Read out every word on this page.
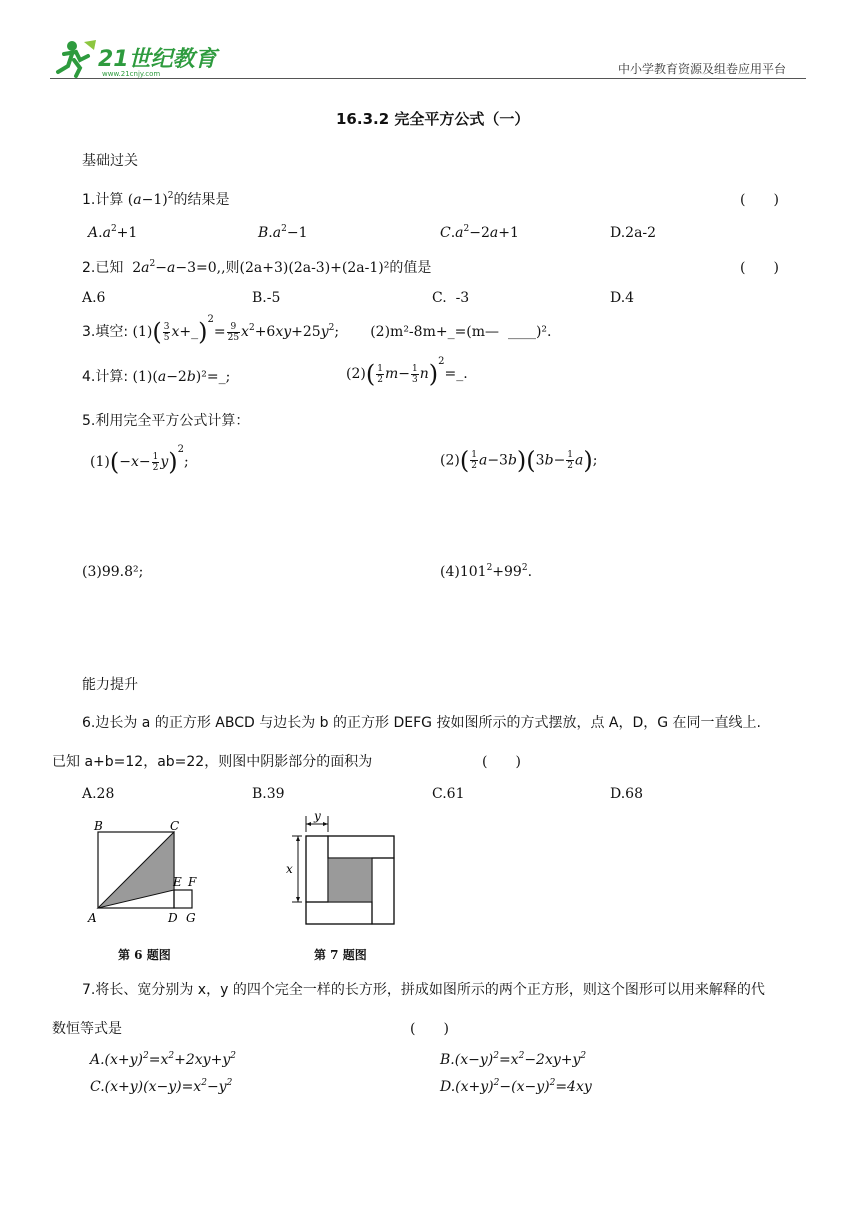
21世纪教育
www.21cnjy.com	中小学教育资源及组卷应用平台
16.3.2 完全平方公式（一）
基础过关
1.计算 $(a-1)^2$的结果是	(　　)
$A.a^2+1$	$B.a^2-1$	$C.a^2-2a+1$	D.2a-2
2.已知  $2a^2-a-3=0$,,则(2a+3)(2a-3)+(2a-1)²的值是	(　　)
A.6	B.-5	C.  -3	D.4
3.填空: $(1)( \frac{3}{5}$ x+_)$^2$= $\frac{9}{25} x^2+6xy+25y^2$;       (2)m²-8m+_=(m—  ____)².
4.计算: (1)(a−2b)²=_;	$(2)( \frac{1}{2} m- \frac{1}{3}$ $n)^2=\_$.
5.利用完全平方公式计算：
$(1)(-x- \frac{1}{2} y)^2$;	$(2)( \frac{1}{2} a-3b)(3b- \frac{1}{2} a)$;
(3)99.8²;	$(4)101^2+99^2$.
能力提升
6.边长为 a 的正方形 ABCD 与边长为 b 的正方形 DEFG 按如图所示的方式摆放，点 A，D，G 在同一直线上.
已知 a+b=12，ab=22，则图中阴影部分的面积为	(　　)
A.28	B.39	C.61	D.68
B	C
E F
A	D G
第 6 题图
y
x
第 7 题图
7.将长、宽分别为 x，y 的四个完全一样的长方形，拼成如图所示的两个正方形，则这个图形可以用来解释的代
数恒等式是	(　　)
$A.(x+y)^2=x^2+2xy+y^2$	$B.(x-y)^2=x^2-2xy+y^2$
$C.(x+y)(x-y)=x^2-y^2$	$D.(x+y)^2-(x-y)^2=4xy$
